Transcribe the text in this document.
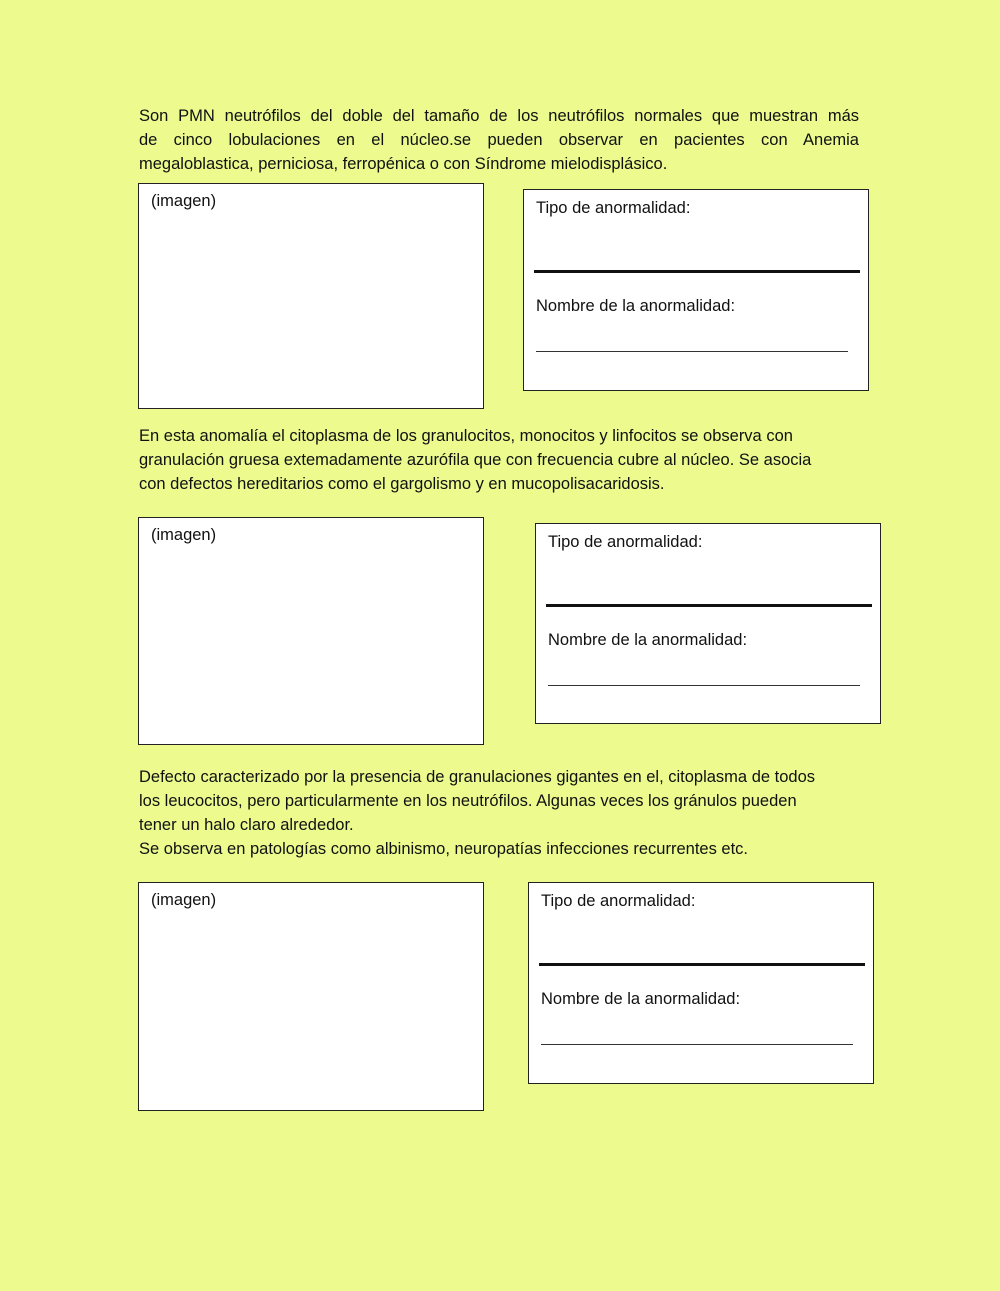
Son PMN neutrófilos del doble del tamaño de los neutrófilos normales que muestran más
de cinco lobulaciones en el núcleo.se pueden observar en pacientes con Anemia
megaloblastica, perniciosa, ferropénica o con Síndrome mielodisplásico.
(imagen)	Tipo de anormalidad:
Nombre de la anormalidad:
En esta anomalía el citoplasma de los granulocitos, monocitos y linfocitos se observa con
granulación gruesa extemadamente azurófila que con frecuencia cubre al núcleo. Se asocia
con defectos hereditarios como el gargolismo y en mucopolisacaridosis.
(imagen)	Tipo de anormalidad:
Nombre de la anormalidad:
Defecto caracterizado por la presencia de granulaciones gigantes en el, citoplasma de todos
los leucocitos, pero particularmente en los neutrófilos. Algunas veces los gránulos pueden
tener un halo claro alrededor.
Se observa en patologías como albinismo, neuropatías infecciones recurrentes etc.
(imagen)	Tipo de anormalidad:
Nombre de la anormalidad:
